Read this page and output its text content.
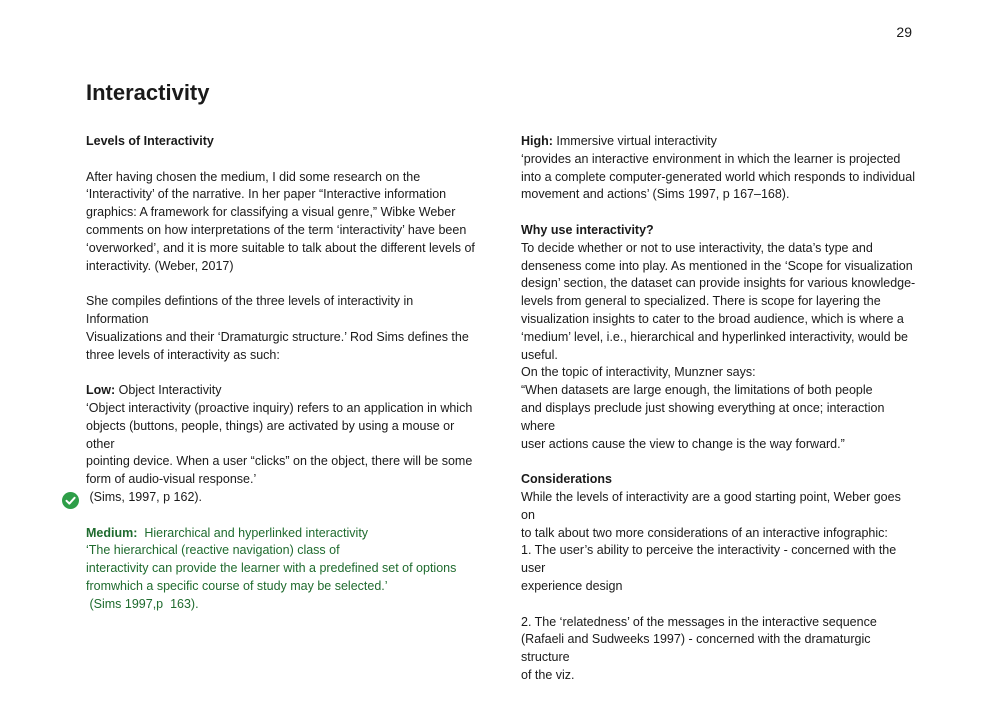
29
Interactivity

Levels of Interactivity

After having chosen the medium, I did some research on the

‘Interactivity’ of the narrative. In her paper “Interactive information

graphics: A framework for classifying a visual genre,” Wibke Weber

comments on how interpretations of the term ‘interactivity’ have been

‘overworked’, and it is more suitable to talk about the different levels of

interactivity. (Weber, 2017)

She compiles defintions of the three levels of interactivity in Information

Visualizations and their ‘Dramaturgic structure.’ Rod Sims defines the

three levels of interactivity as such:

Low: Object Interactivity

‘Object interactivity (proactive inquiry) refers to an application in which

objects (buttons, people, things) are activated by using a mouse or other

pointing device. When a user “clicks” on the object, there will be some

form of audio-visual response.’

(Sims, 1997, p 162).

Medium:  Hierarchical and hyperlinked interactivity

‘The hierarchical (reactive navigation) class of

interactivity can provide the learner with a predefined set of options

fromwhich a specific course of study may be selected.’

(Sims 1997,p  163).

High: Immersive virtual interactivity

‘provides an interactive environment in which the learner is projected

into a complete computer-generated world which responds to individual

movement and actions’ (Sims 1997, p 167–168).

Why use interactivity?

To decide whether or not to use interactivity, the data’s type and

denseness come into play. As mentioned in the ‘Scope for visualization

design’ section, the dataset can provide insights for various knowledge-

levels from general to specialized. There is scope for layering the

visualization insights to cater to the broad audience, which is where a

‘medium’ level, i.e., hierarchical and hyperlinked interactivity, would be

useful.

On the topic of interactivity, Munzner says:

“When datasets are large enough, the limitations of both people

and displays preclude just showing everything at once; interaction where

user actions cause the view to change is the way forward.”

Considerations

While the levels of interactivity are a good starting point, Weber goes on

to talk about two more considerations of an interactive infographic:

1. The user’s ability to perceive the interactivity - concerned with the user

experience design

2. The ‘relatedness’ of the messages in the interactive sequence

(Rafaeli and Sudweeks 1997) - concerned with the dramaturgic structure

of the viz.
